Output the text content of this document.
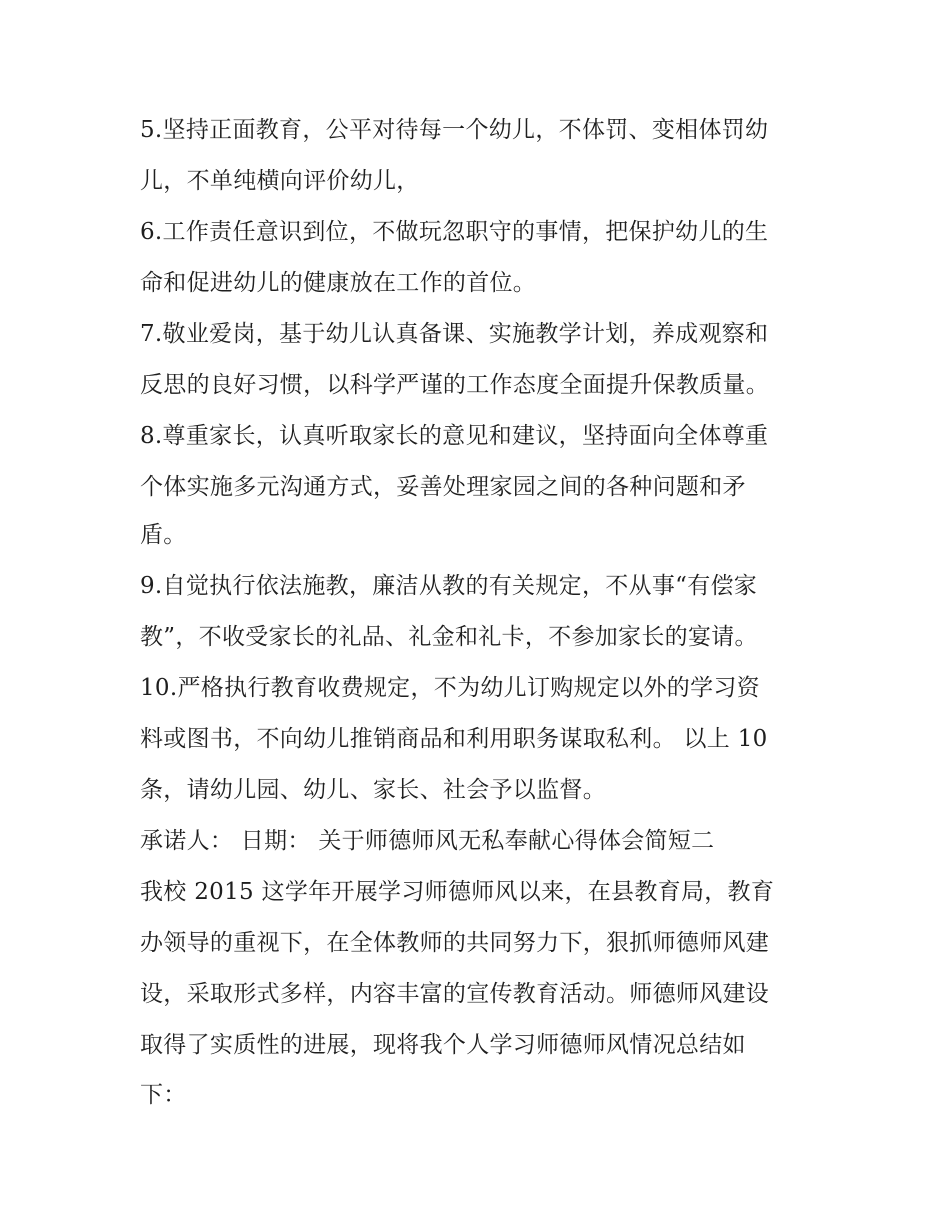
5.坚持正面教育，公平对待每一个幼儿，不体罚、变相体罚幼
儿，不单纯横向评价幼儿，
6.工作责任意识到位，不做玩忽职守的事情，把保护幼儿的生
命和促进幼儿的健康放在工作的首位。
7.敬业爱岗，基于幼儿认真备课、实施教学计划，养成观察和
反思的良好习惯，以科学严谨的工作态度全面提升保教质量。
8.尊重家长，认真听取家长的意见和建议，坚持面向全体尊重
个体实施多元沟通方式，妥善处理家园之间的各种问题和矛
盾。
9.自觉执行依法施教，廉洁从教的有关规定，不从事“有偿家
教”，不收受家长的礼品、礼金和礼卡，不参加家长的宴请。
10.严格执行教育收费规定，不为幼儿订购规定以外的学习资
料或图书，不向幼儿推销商品和利用职务谋取私利。 以上 10
条，请幼儿园、幼儿、家长、社会予以监督。
承诺人： 日期： 关于师德师风无私奉献心得体会简短二
我校 2015 这学年开展学习师德师风以来，在县教育局，教育
办领导的重视下，在全体教师的共同努力下，狠抓师德师风建
设，采取形式多样，内容丰富的宣传教育活动。师德师风建设
取得了实质性的进展，现将我个人学习师德师风情况总结如
下：
